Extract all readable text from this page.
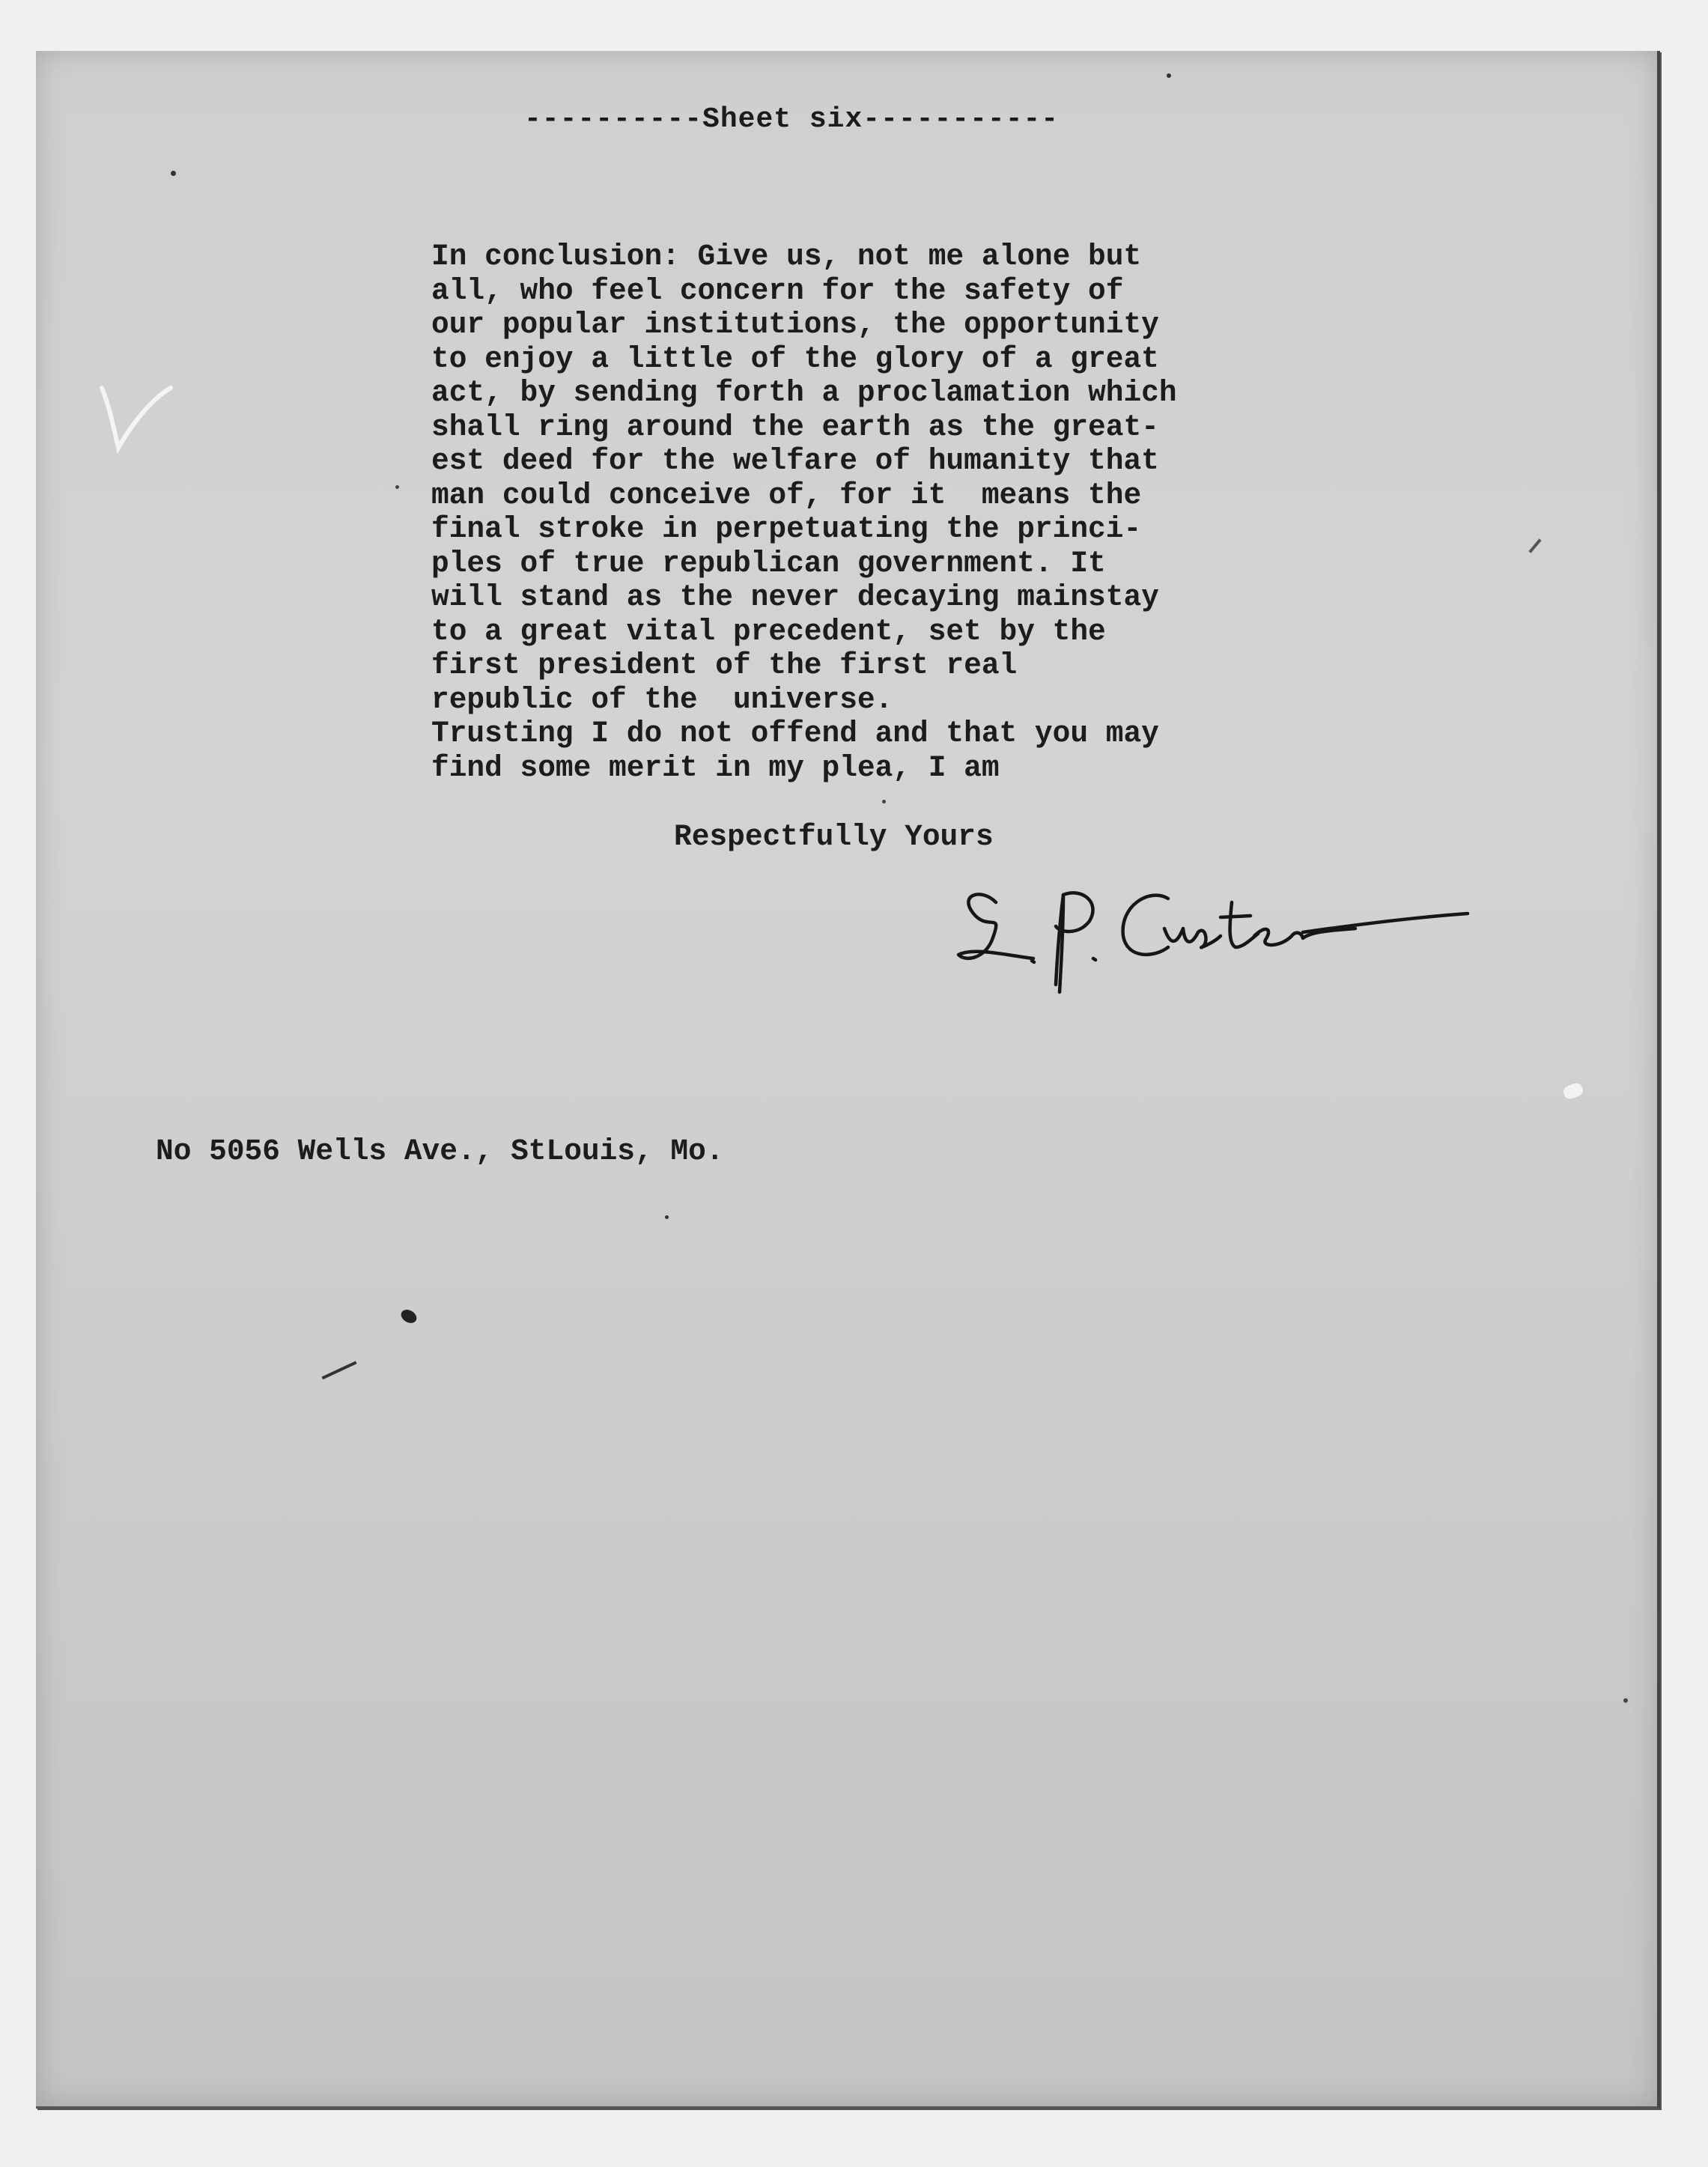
----------Sheet six-----------

In conclusion: Give us, not me alone but
all, who feel concern for the safety of
our popular institutions, the opportunity
to enjoy a little of the glory of a great
act, by sending forth a proclamation which
shall ring around the earth as the great-
est deed for the welfare of humanity that
man could conceive of, for it  means the
final stroke in perpetuating the princi-
ples of true republican government. It
will stand as the never decaying mainstay
to a great vital precedent, set by the
first president of the first real
republic of the  universe.
Trusting I do not offend and that you may
find some merit in my plea, I am

Respectfully Yours

No 5056 Wells Ave., StLouis, Mo.
